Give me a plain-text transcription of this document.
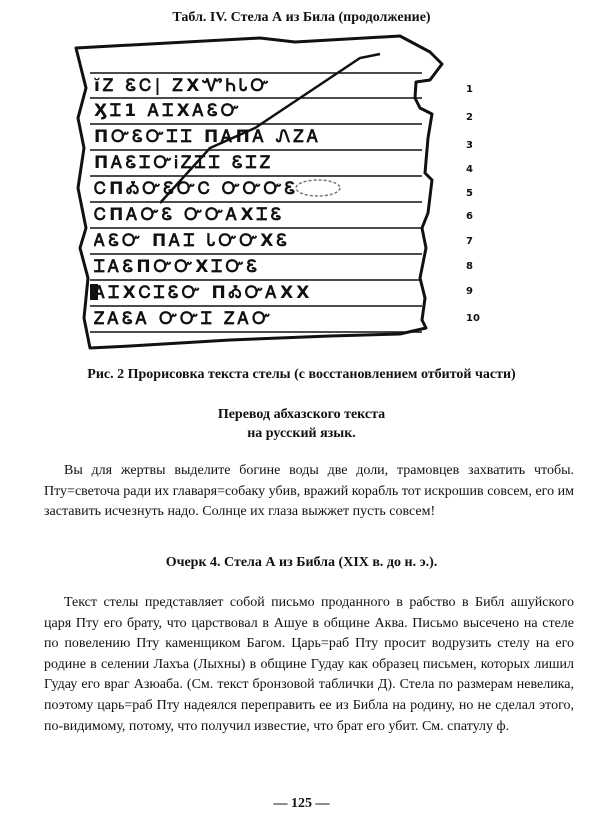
Табл. IV. Стела А из Била (продолжение)
ĭᏃ ᏋᏟ| ᏃXᏉᏂᏓᏅ
ӼᏆ1 ᎪᏆXᎪᏋᏅ
ПᏅᏋᏅᏆᏆ ПᎪПᎪ ᏁᏃᎪ
ПᎪᏋᏆᏅᎥᏃᏆᏆ ᏋᏆᏃ
ᏟПᎣᏅᏋᏅᏟ ᏅᏅᏅᏋ
ᏟПᎪᏅᏋ ᏅᏅᎪXᏆᏋ
ᎪᏋᏅ ПᎪᏆ ᏓᏅᏅXᏋ
ᏆᎪᏋПᏅᏅXᏆᏅᏋ
ᎪᏆXᏟᏆᏋᏅ ПᎣᏅᎪXX
ᏃᎪᏋᎪ ᏅᏅᏆ ᏃᎪᏅ
1
2
3
4
5
6
7
8
9
10
Рис. 2 Прорисовка текста стелы (с восстановлением отбитой части)
Перевод абхазского текста
на русский язык.

Вы для жертвы выделите богине воды две доли, трамовцев захватить чтобы. Пту=светоча ради их главаря=собаку убив, вражий корабль тот искрошив совсем, его им заставить исчезнуть надо. Солнце их глаза выжжет пусть совсем!

Очерк 4. Стела А из Библа (XIX в. до н. э.).

Текст стелы представляет собой письмо проданного в рабство в Библ ашуйского царя Пту его брату, что царствовал в Ашуе в общине Аква. Письмо высечено на стеле по повелению Пту каменщиком Багом. Царь=раб Пту просит водрузить стелу на его родине в селении Лахъа (Лыхны) в общине Гудау как образец письмен, которых лишил Гудау его враг Азюаба. (См. текст бронзовой таблички Д). Стела по размерам невелика, поэтому царь=раб Пту надеялся переправить ее из Библа на родину, но не сделал этого, по-видимому, потому, что получил известие, что брат его убит. См. спатулу ф.

— 125 —
